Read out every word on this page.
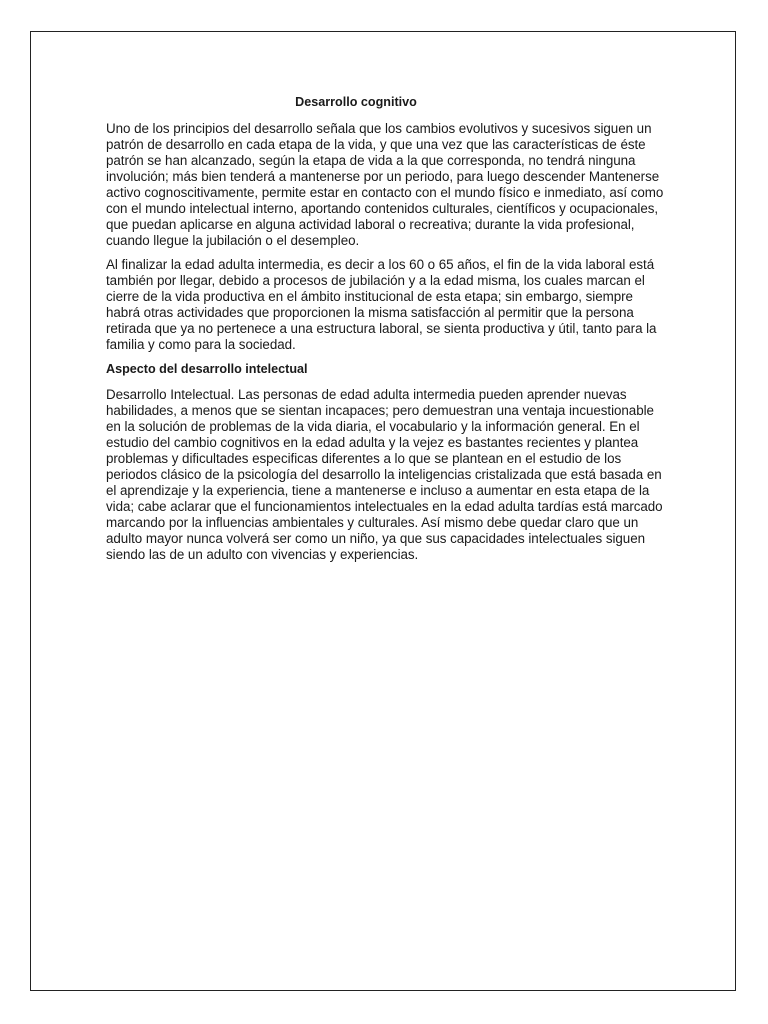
Desarrollo cognitivo

Uno de los principios del desarrollo señala que los cambios evolutivos y sucesivos siguen un patrón de desarrollo en cada etapa de la vida, y que una vez que las características de éste patrón se han alcanzado, según la etapa de vida a la que corresponda, no tendrá ninguna involución; más bien tenderá a mantenerse por un periodo, para luego descender Mantenerse activo cognoscitivamente, permite estar en contacto con el mundo físico e inmediato, así como con el mundo intelectual interno, aportando contenidos culturales, científicos y ocupacionales, que puedan aplicarse en alguna actividad laboral o recreativa; durante la vida profesional, cuando llegue la jubilación o el desempleo.

Al finalizar la edad adulta intermedia, es decir a los 60 o 65 años, el fin de la vida laboral está también por llegar, debido a procesos de jubilación y a la edad misma, los cuales marcan el cierre de la vida productiva en el ámbito institucional de esta etapa; sin embargo, siempre habrá otras actividades que proporcionen la misma satisfacción al permitir que la persona retirada que ya no pertenece a una estructura laboral, se sienta productiva y útil, tanto para la familia y como para la sociedad.

Aspecto del desarrollo intelectual

Desarrollo Intelectual. Las personas de edad adulta intermedia pueden aprender nuevas habilidades, a menos que se sientan incapaces; pero demuestran una ventaja incuestionable en la solución de problemas de la vida diaria, el vocabulario y la información general. En el estudio del cambio cognitivos en la edad adulta y la vejez es bastantes recientes y plantea problemas y dificultades especificas diferentes a lo que se plantean en el estudio de los periodos clásico de la psicología del desarrollo la inteligencias cristalizada que está basada en el aprendizaje y la experiencia, tiene a mantenerse e incluso a aumentar en esta etapa de la vida; cabe aclarar que el funcionamientos intelectuales en la edad adulta tardías está marcado marcando por la influencias ambientales y culturales. Así mismo debe quedar claro que un adulto mayor nunca volverá ser como un niño, ya que sus capacidades intelectuales siguen siendo las de un adulto con vivencias y experiencias.
